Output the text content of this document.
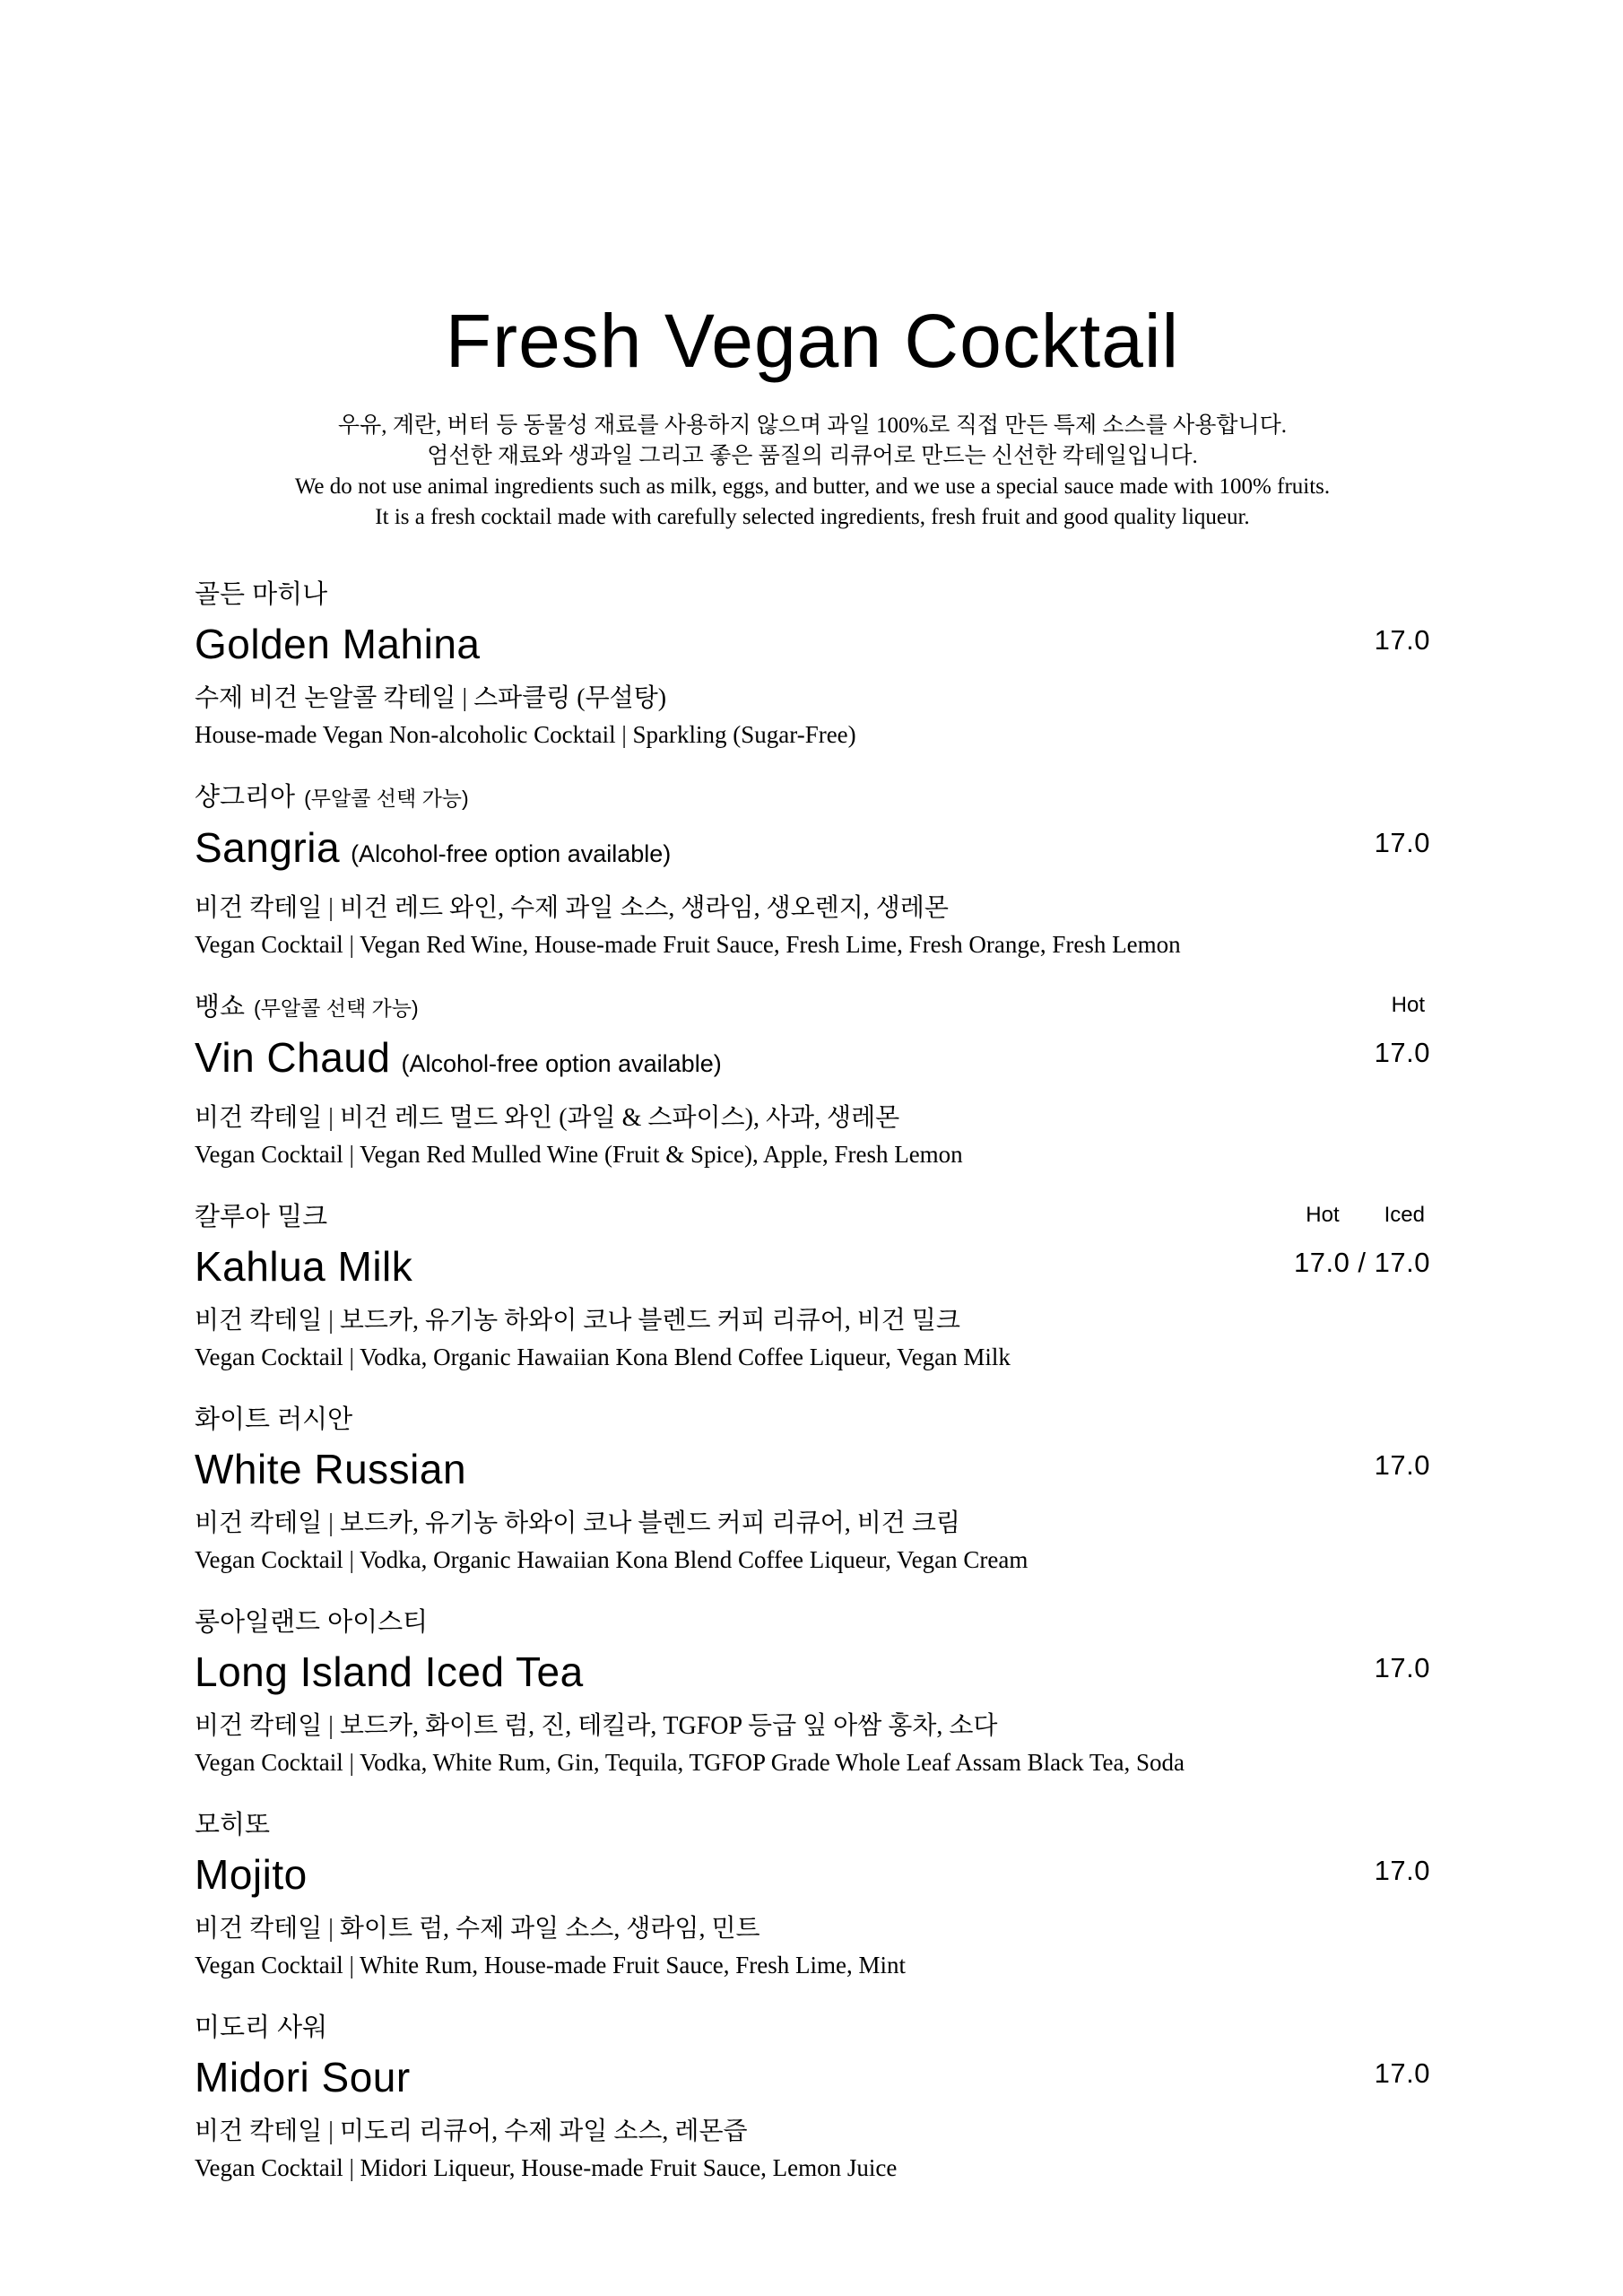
Fresh Vegan Cocktail

우유, 계란, 버터 등 동물성 재료를 사용하지 않으며 과일 100%로 직접 만든 특제 소스를 사용합니다.

엄선한 재료와 생과일 그리고 좋은 품질의 리큐어로 만드는 신선한 칵테일입니다.

We do not use animal ingredients such as milk, eggs, and butter, and we use a special sauce made with 100% fruits.

It is a fresh cocktail made with carefully selected ingredients, fresh fruit and good quality liqueur.

골든 마히나

Golden Mahina

수제 비건 논알콜 칵테일 | 스파클링 (무설탕)

House-made Vegan Non-alcoholic Cocktail | Sparkling (Sugar-Free)

17.0

샹그리아 (무알콜 선택 가능)

Sangria (Alcohol-free option available)

비건 칵테일 | 비건 레드 와인, 수제 과일 소스, 생라임, 생오렌지, 생레몬

Vegan Cocktail | Vegan Red Wine, House-made Fruit Sauce, Fresh Lime, Fresh Orange, Fresh Lemon

17.0

뱅쇼 (무알콜 선택 가능)

Vin Chaud (Alcohol-free option available)

비건 칵테일 | 비건 레드 멀드 와인 (과일 & 스파이스), 사과, 생레몬

Vegan Cocktail | Vegan Red Mulled Wine (Fruit & Spice), Apple, Fresh Lemon

Hot
17.0

칼루아 밀크

Kahlua Milk

비건 칵테일 | 보드카, 유기농 하와이 코나 블렌드 커피 리큐어, 비건 밀크

Vegan Cocktail | Vodka, Organic Hawaiian Kona Blend Coffee Liqueur, Vegan Milk

Hot Iced
17.0 / 17.0

화이트 러시안

White Russian

비건 칵테일 | 보드카, 유기농 하와이 코나 블렌드 커피 리큐어, 비건 크림

Vegan Cocktail | Vodka, Organic Hawaiian Kona Blend Coffee Liqueur, Vegan Cream

17.0

롱아일랜드 아이스티

Long Island Iced Tea

비건 칵테일 | 보드카, 화이트 럼, 진, 테킬라, TGFOP 등급 잎 아쌈 홍차, 소다

Vegan Cocktail | Vodka, White Rum, Gin, Tequila, TGFOP Grade Whole Leaf Assam Black Tea, Soda

17.0

모히또

Mojito

비건 칵테일 | 화이트 럼, 수제 과일 소스, 생라임, 민트

Vegan Cocktail | White Rum, House-made Fruit Sauce, Fresh Lime, Mint

17.0

미도리 사워

Midori Sour

비건 칵테일 | 미도리 리큐어, 수제 과일 소스, 레몬즙

Vegan Cocktail | Midori Liqueur, House-made Fruit Sauce, Lemon Juice

17.0
